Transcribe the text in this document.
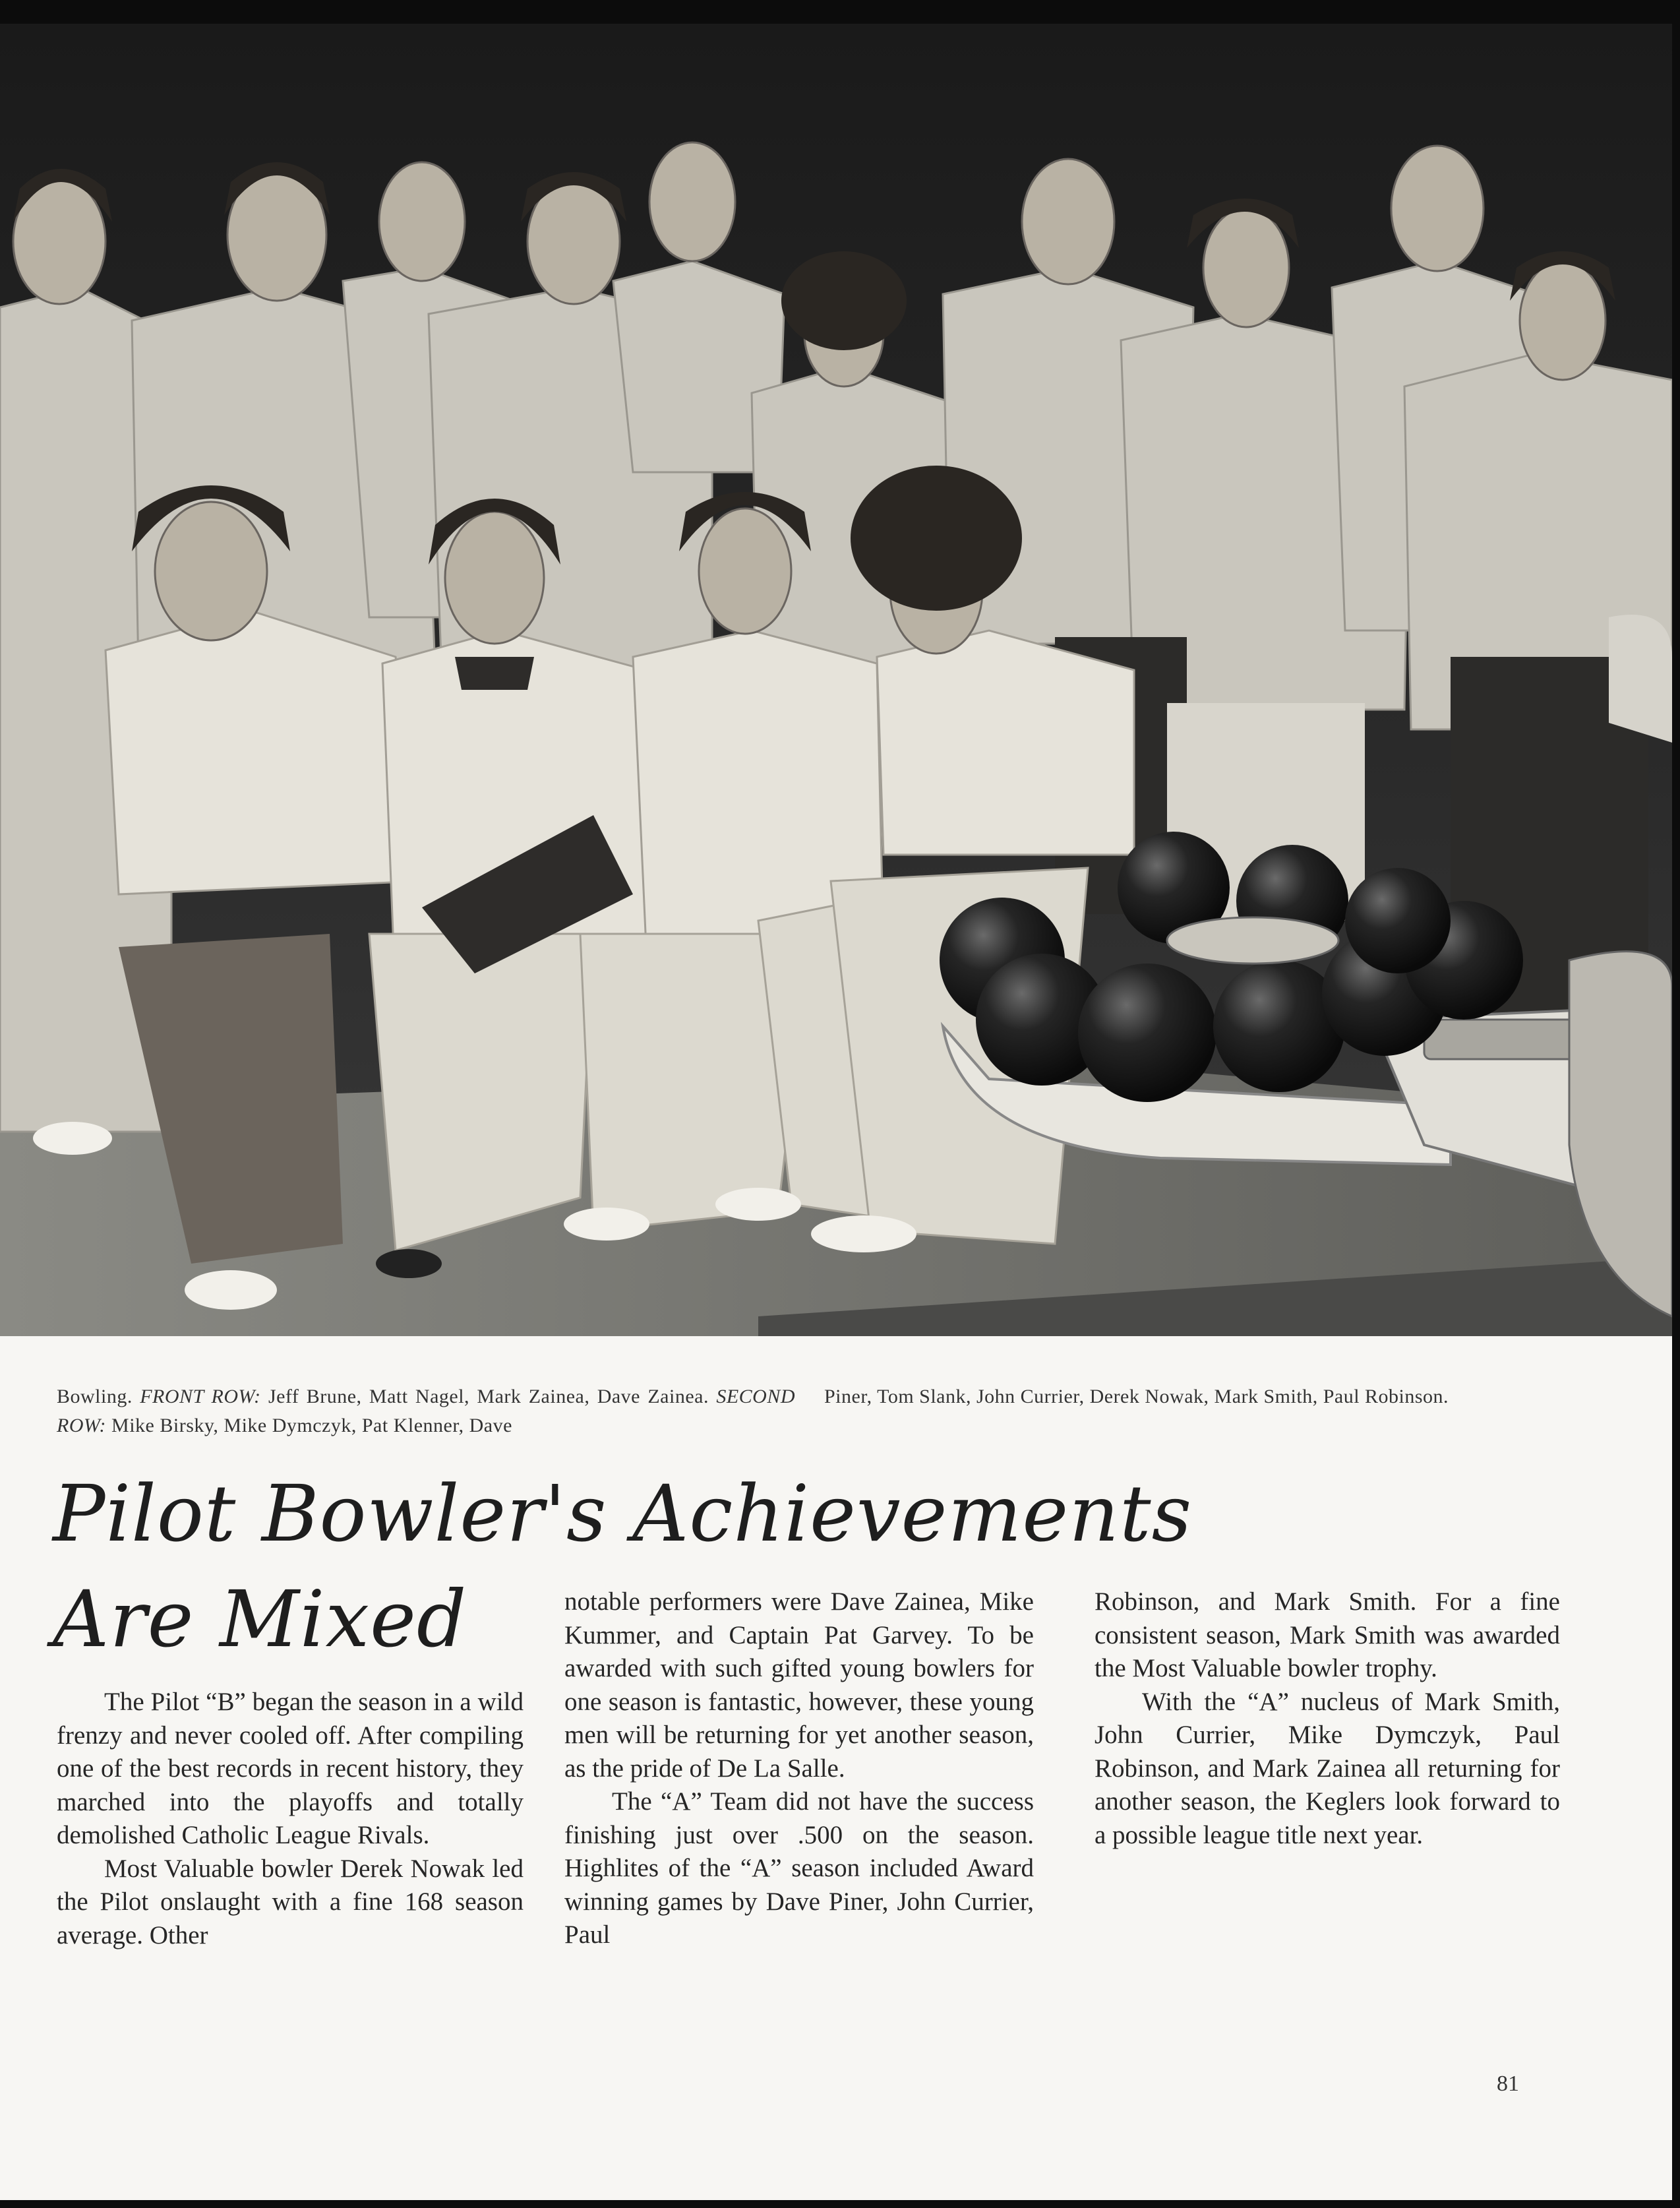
Bowling. FRONT ROW: Jeff Brune, Matt Nagel, Mark Zainea, Dave Zainea. SECOND ROW: Mike Birsky, Mike Dymczyk, Pat Klenner, Dave
Piner, Tom Slank, John Currier, Derek Nowak, Mark Smith, Paul Robinson.
Pilot Bowler's Achievements
Are Mixed

The Pilot “B” began the season in a wild frenzy and never cooled off. After compiling one of the best records in recent history, they marched into the playoffs and totally demolished Catholic League Rivals.

Most Valuable bowler Derek Nowak led the Pilot onslaught with a fine 168 season average. Other

notable performers were Dave Zainea, Mike Kummer, and Captain Pat Garvey. To be awarded with such gifted young bowlers for one season is fantastic, however, these young men will be returning for yet another season, as the pride of De La Salle.

The “A” Team did not have the success finishing just over .500 on the season. Highlites of the “A” season included Award winning games by Dave Piner, John Currier, Paul

Robinson, and Mark Smith. For a fine consistent season, Mark Smith was awarded the Most Valuable bowler trophy.

With the “A” nucleus of Mark Smith, John Currier, Mike Dymczyk, Paul Robinson, and Mark Zainea all returning for another season, the Keglers look forward to a possible league title next year.

81
